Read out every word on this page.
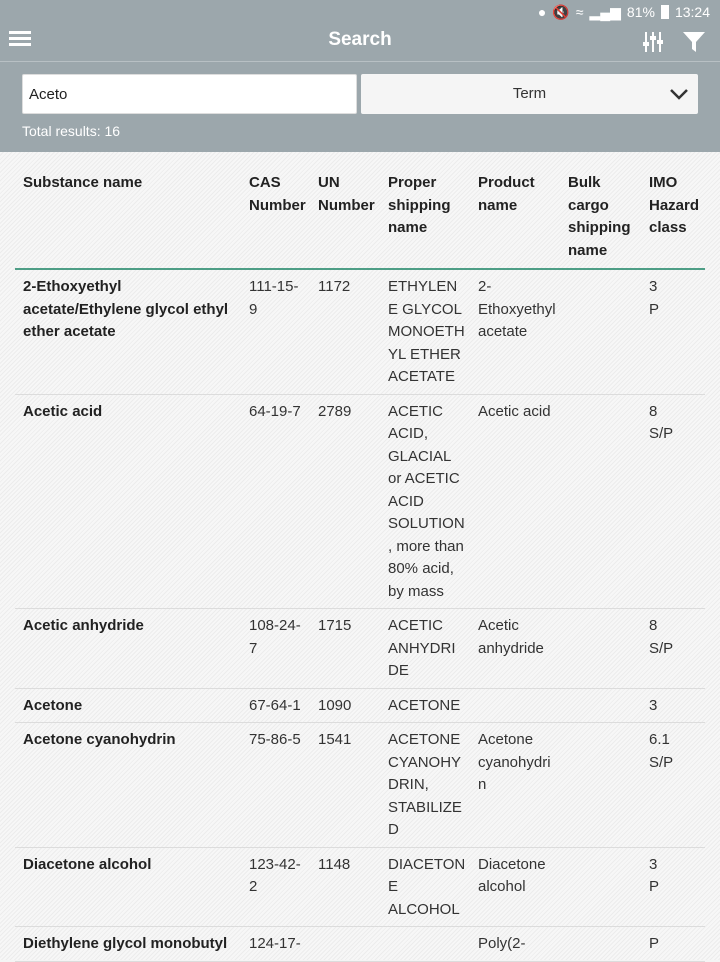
● 🔇 ≈ ▂▄▆ 81% 13:24
Search
Aceto
Term
Total results: 16
Substance name	CAS Number	UN Number	Proper shipping name	Product name	Bulk cargo shipping name	IMO Hazard class
2-Ethoxyethyl acetate/Ethylene glycol ethyl ether acetate	111-15-9	1172	ETHYLENE GLYCOL MONOETHYL ETHER ACETATE	2-Ethoxyethyl acetate		3
P
Acetic acid	64-19-7	2789	ACETIC ACID, GLACIAL or ACETIC ACID SOLUTION, more than 80% acid, by mass	Acetic acid		8
S/P
Acetic anhydride	108-24-7	1715	ACETIC ANHYDRIDE	Acetic anhydride		8
S/P
Acetone	67-64-1	1090	ACETONE			3
Acetone cyanohydrin	75-86-5	1541	ACETONE CYANOHYDRIN, STABILIZED	Acetone cyanohydrin		6.1
S/P
Diacetone alcohol	123-42-2	1148	DIACETONE ALCOHOL	Diacetone alcohol		3
P
Diethylene glycol monobutyl	124-17-			Poly(2-		P
